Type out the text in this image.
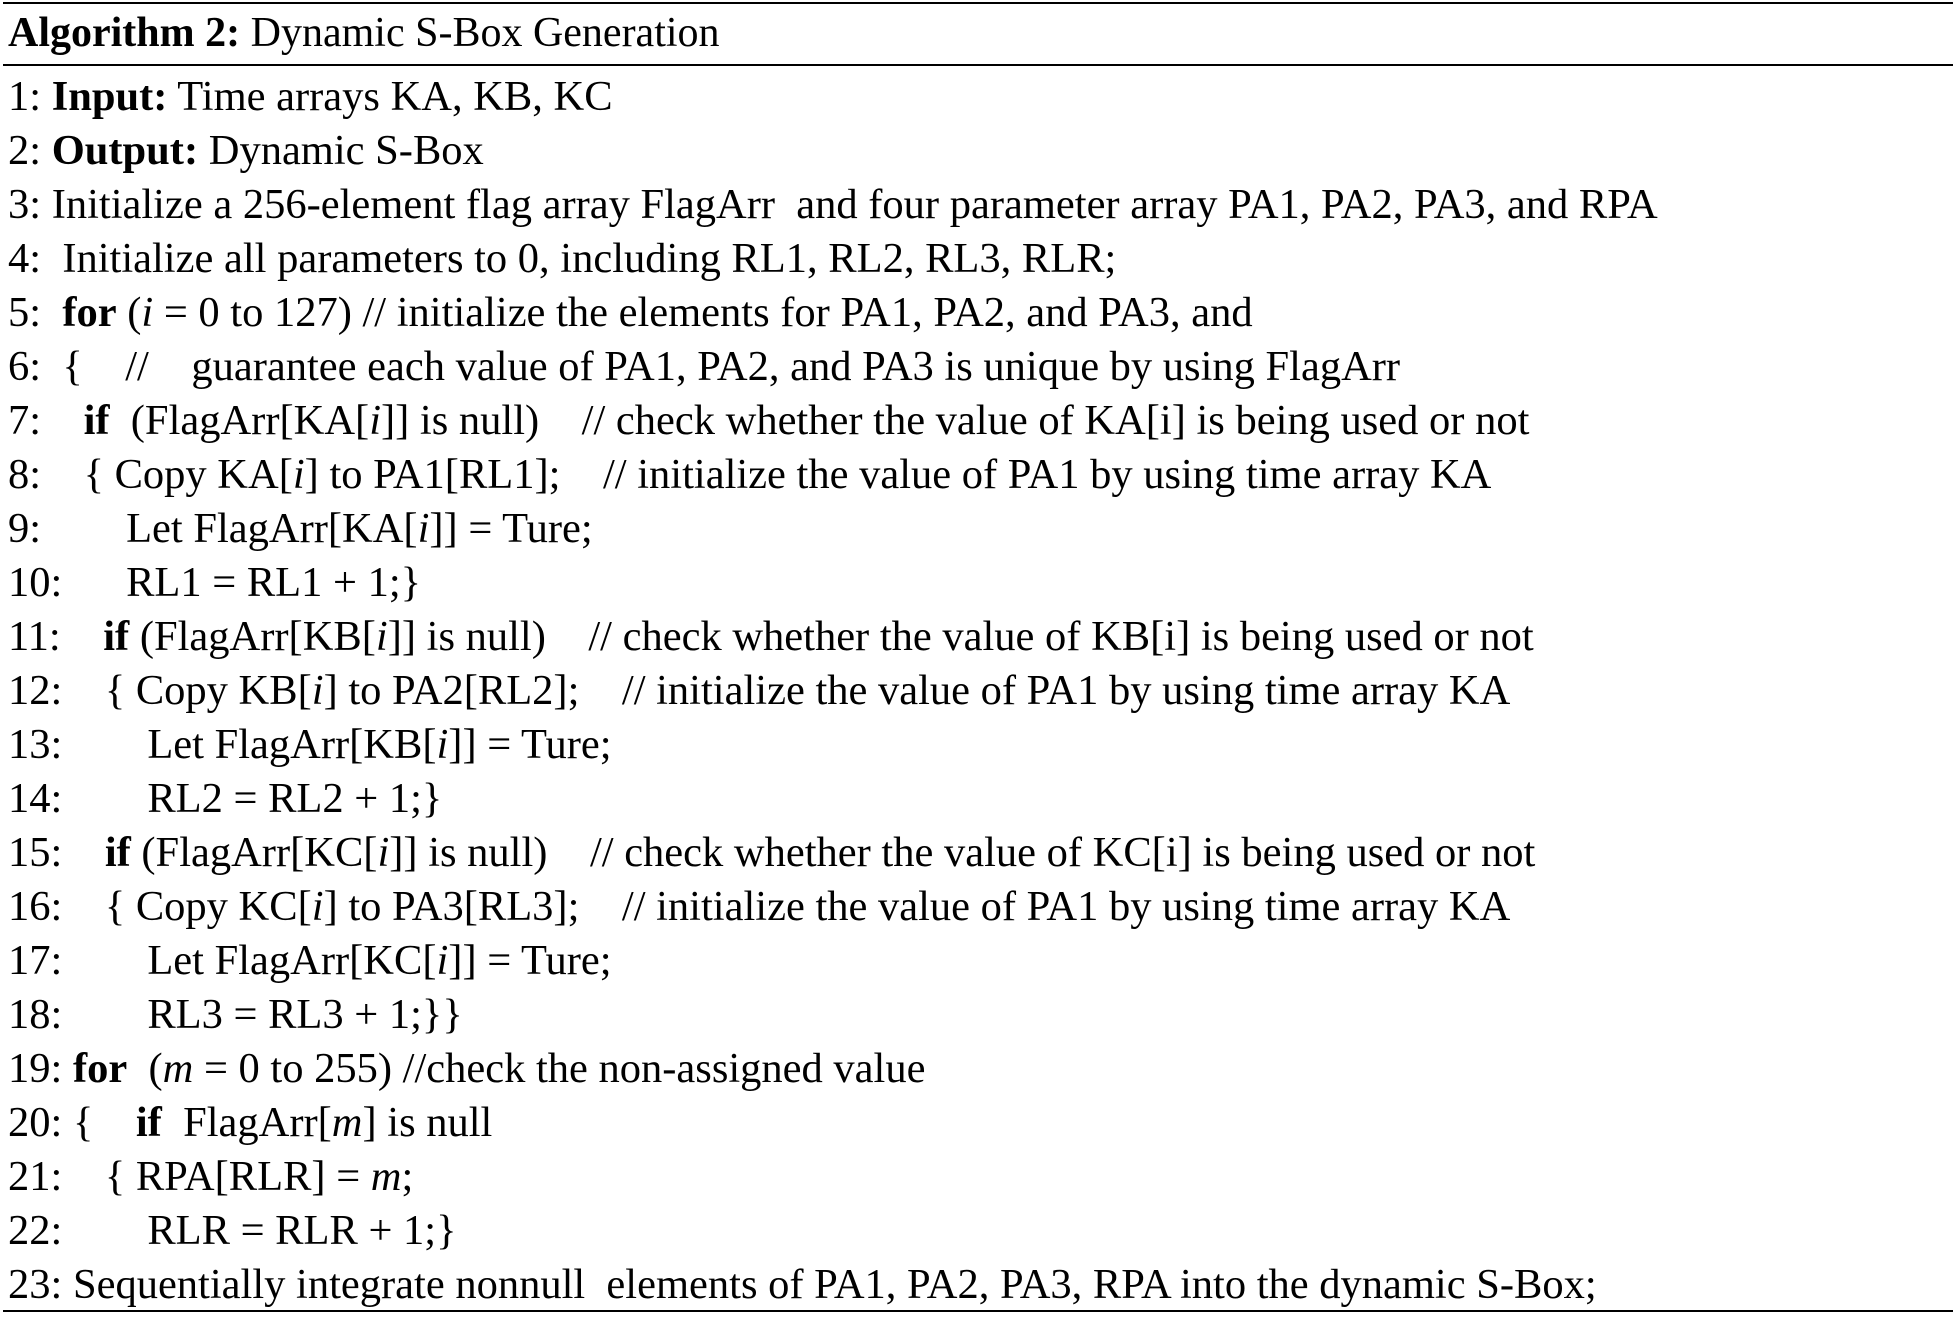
Algorithm 2: Dynamic S-Box Generation
1: Input: Time arrays KA, KB, KC
2: Output: Dynamic S-Box
3: Initialize a 256-element flag array FlagArr  and four parameter array PA1, PA2, PA3, and RPA
4:  Initialize all parameters to 0, including RL1, RL2, RL3, RLR;
5: for (i = 0 to 127) // initialize the elements for PA1, PA2, and PA3, and
6:  {    //    guarantee each value of PA1, PA2, and PA3 is unique by using FlagArr
7: if  (FlagArr[KA[i]] is null)    // check whether the value of KA[i] is being used or not
8:    { Copy KA[i] to PA1[RL1];    // initialize the value of PA1 by using time array KA
9:        Let FlagArr[KA[i]] = Ture;
10:      RL1 = RL1 + 1;}
11: if (FlagArr[KB[i]] is null)    // check whether the value of KB[i] is being used or not
12:    { Copy KB[i] to PA2[RL2];    // initialize the value of PA1 by using time array KA
13:        Let FlagArr[KB[i]] = Ture;
14:        RL2 = RL2 + 1;}
15: if (FlagArr[KC[i]] is null)    // check whether the value of KC[i] is being used or not
16:    { Copy KC[i] to PA3[RL3];    // initialize the value of PA1 by using time array KA
17:        Let FlagArr[KC[i]] = Ture;
18:        RL3 = RL3 + 1;}}
19: for  (m = 0 to 255) //check the non-assigned value
20: {    if  FlagArr[m] is null
21:    { RPA[RLR] = m;
22:        RLR = RLR + 1;}
23: Sequentially integrate nonnull  elements of PA1, PA2, PA3, RPA into the dynamic S-Box;
